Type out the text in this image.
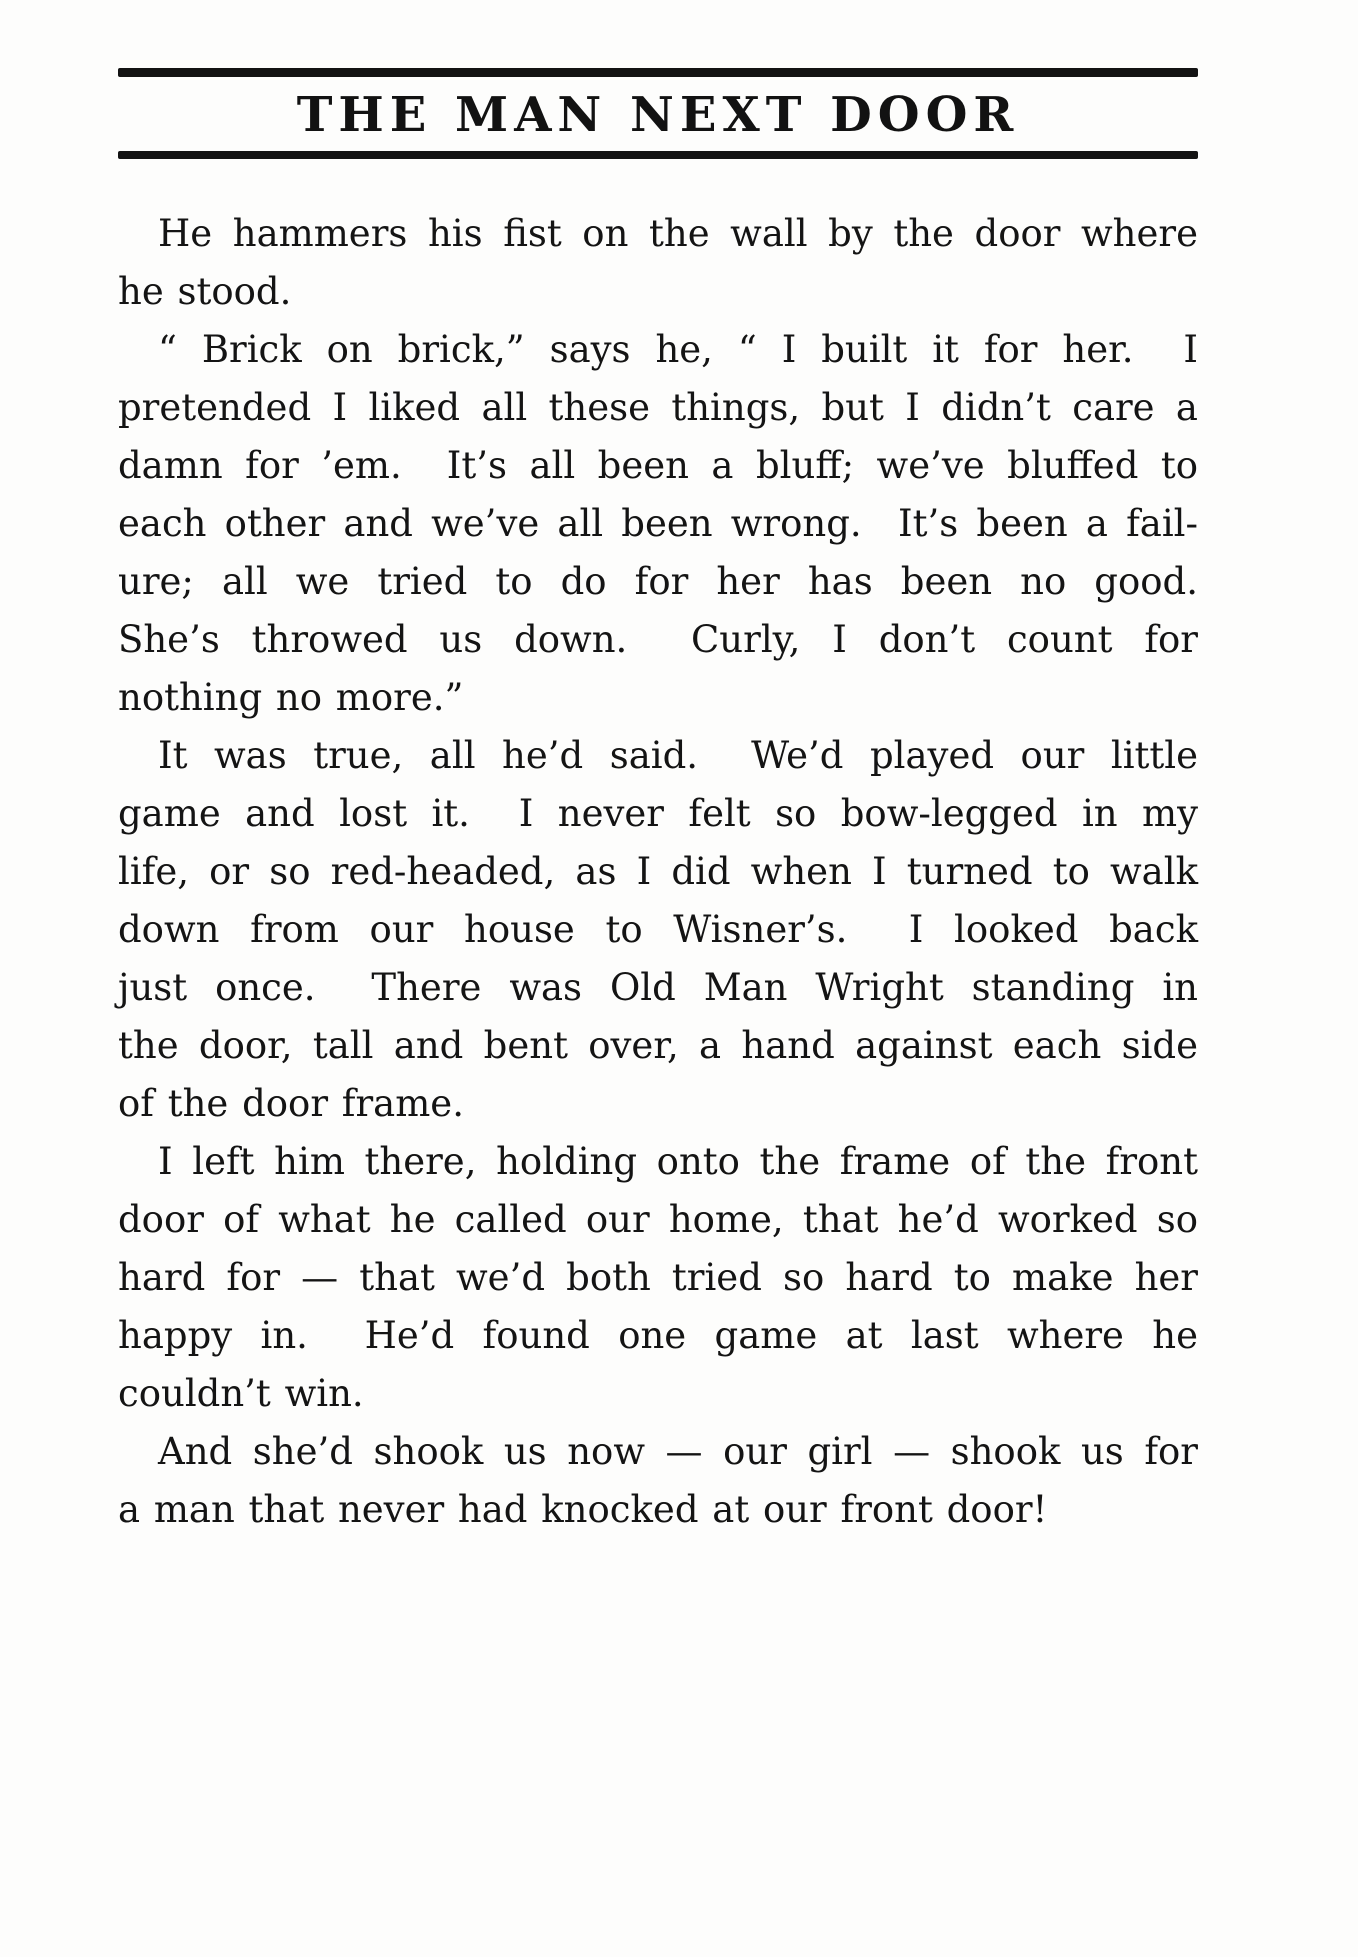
THE MAN NEXT DOOR
He hammers his fist on the wall by the door where
he stood.
“ Brick on brick,” says he, “ I built it for her.  I
pretended I liked all these things, but I didn’t care a
damn for ’em.  It’s all been a bluff; we’ve bluffed to
each other and we’ve all been wrong.  It’s been a fail-
ure; all we tried to do for her has been no good.
She’s throwed us down.  Curly, I don’t count for
nothing no more.”
It was true, all he’d said.  We’d played our little
game and lost it.  I never felt so bow-legged in my
life, or so red-headed, as I did when I turned to walk
down from our house to Wisner’s.  I looked back
just once.  There was Old Man Wright standing in
the door, tall and bent over, a hand against each side
of the door frame.
I left him there, holding onto the frame of the front
door of what he called our home, that he’d worked so
hard for — that we’d both tried so hard to make her
happy in.  He’d found one game at last where he
couldn’t win.
And she’d shook us now — our girl — shook us for
a man that never had knocked at our front door!
